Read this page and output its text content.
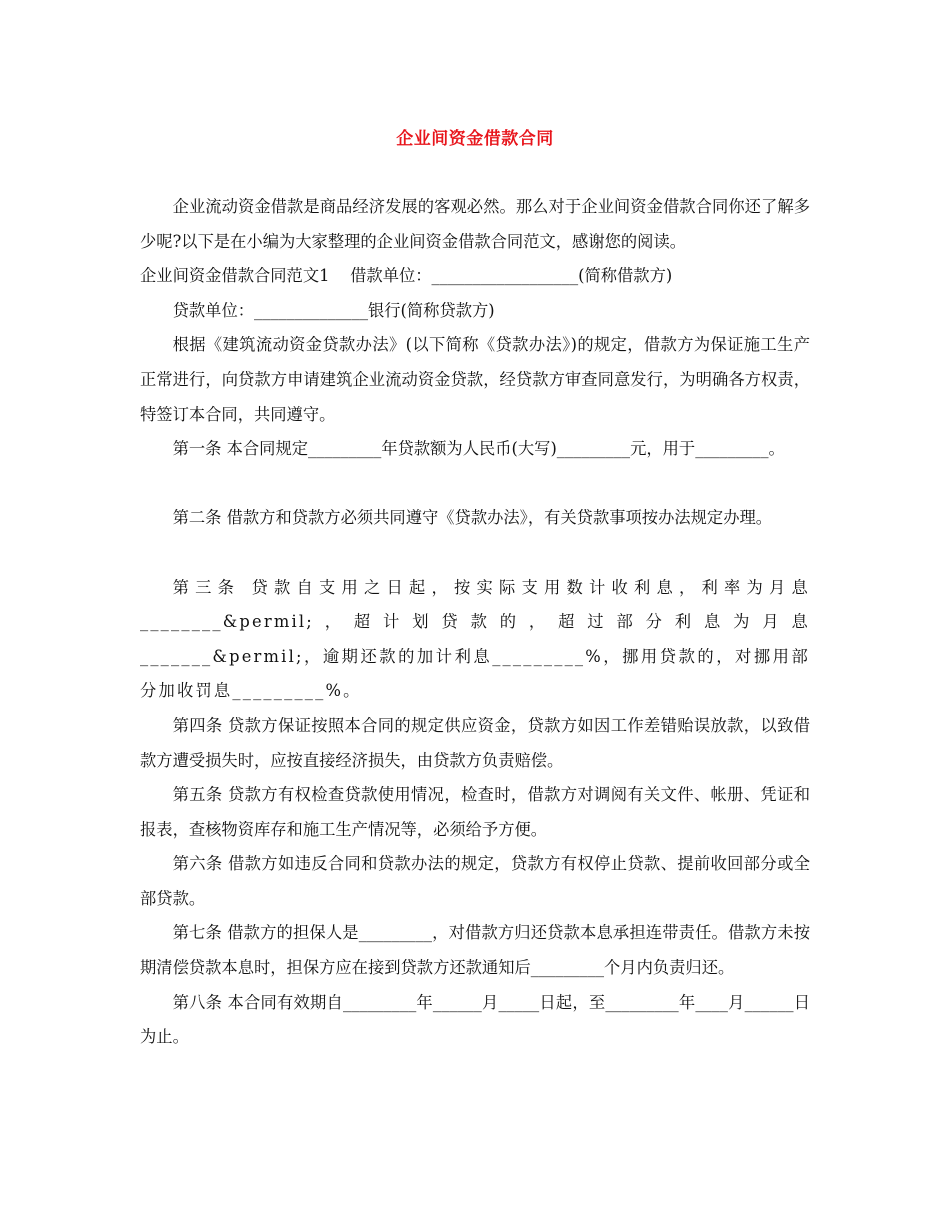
企业间资金借款合同

企业流动资金借款是商品经济发展的客观必然。那么对于企业间资金借款合同你还了解多少呢?以下是在小编为大家整理的企业间资金借款合同范文，感谢您的阅读。

企业间资金借款合同范文1    借款单位：__________________(简称借款方)

贷款单位：______________银行(简称贷款方)

根据《建筑流动资金贷款办法》(以下简称《贷款办法》)的规定，借款方为保证施工生产正常进行，向贷款方申请建筑企业流动资金贷款，经贷款方审查同意发行，为明确各方权责，特签订本合同，共同遵守。

第一条 本合同规定_________年贷款额为人民币(大写)_________元，用于_________。

第二条 借款方和贷款方必须共同遵守《贷款办法》，有关贷款事项按办法规定办理。

第三条 贷款自支用之日起，按实际支用数计收利息，利率为月息________&permil;，超计划贷款的，超过部分利息为月息_______&permil;，逾期还款的加计利息_________%，挪用贷款的，对挪用部分加收罚息_________%。

第四条 贷款方保证按照本合同的规定供应资金，贷款方如因工作差错贻误放款，以致借款方遭受损失时，应按直接经济损失，由贷款方负责赔偿。

第五条 贷款方有权检查贷款使用情况，检查时，借款方对调阅有关文件、帐册、凭证和报表，查核物资库存和施工生产情况等，必须给予方便。

第六条 借款方如违反合同和贷款办法的规定，贷款方有权停止贷款、提前收回部分或全部贷款。

第七条 借款方的担保人是_________，对借款方归还贷款本息承担连带责任。借款方未按期清偿贷款本息时，担保方应在接到贷款方还款通知后_________个月内负责归还。

第八条 本合同有效期自_________年______月_____日起，至_________年____月______日为止。
